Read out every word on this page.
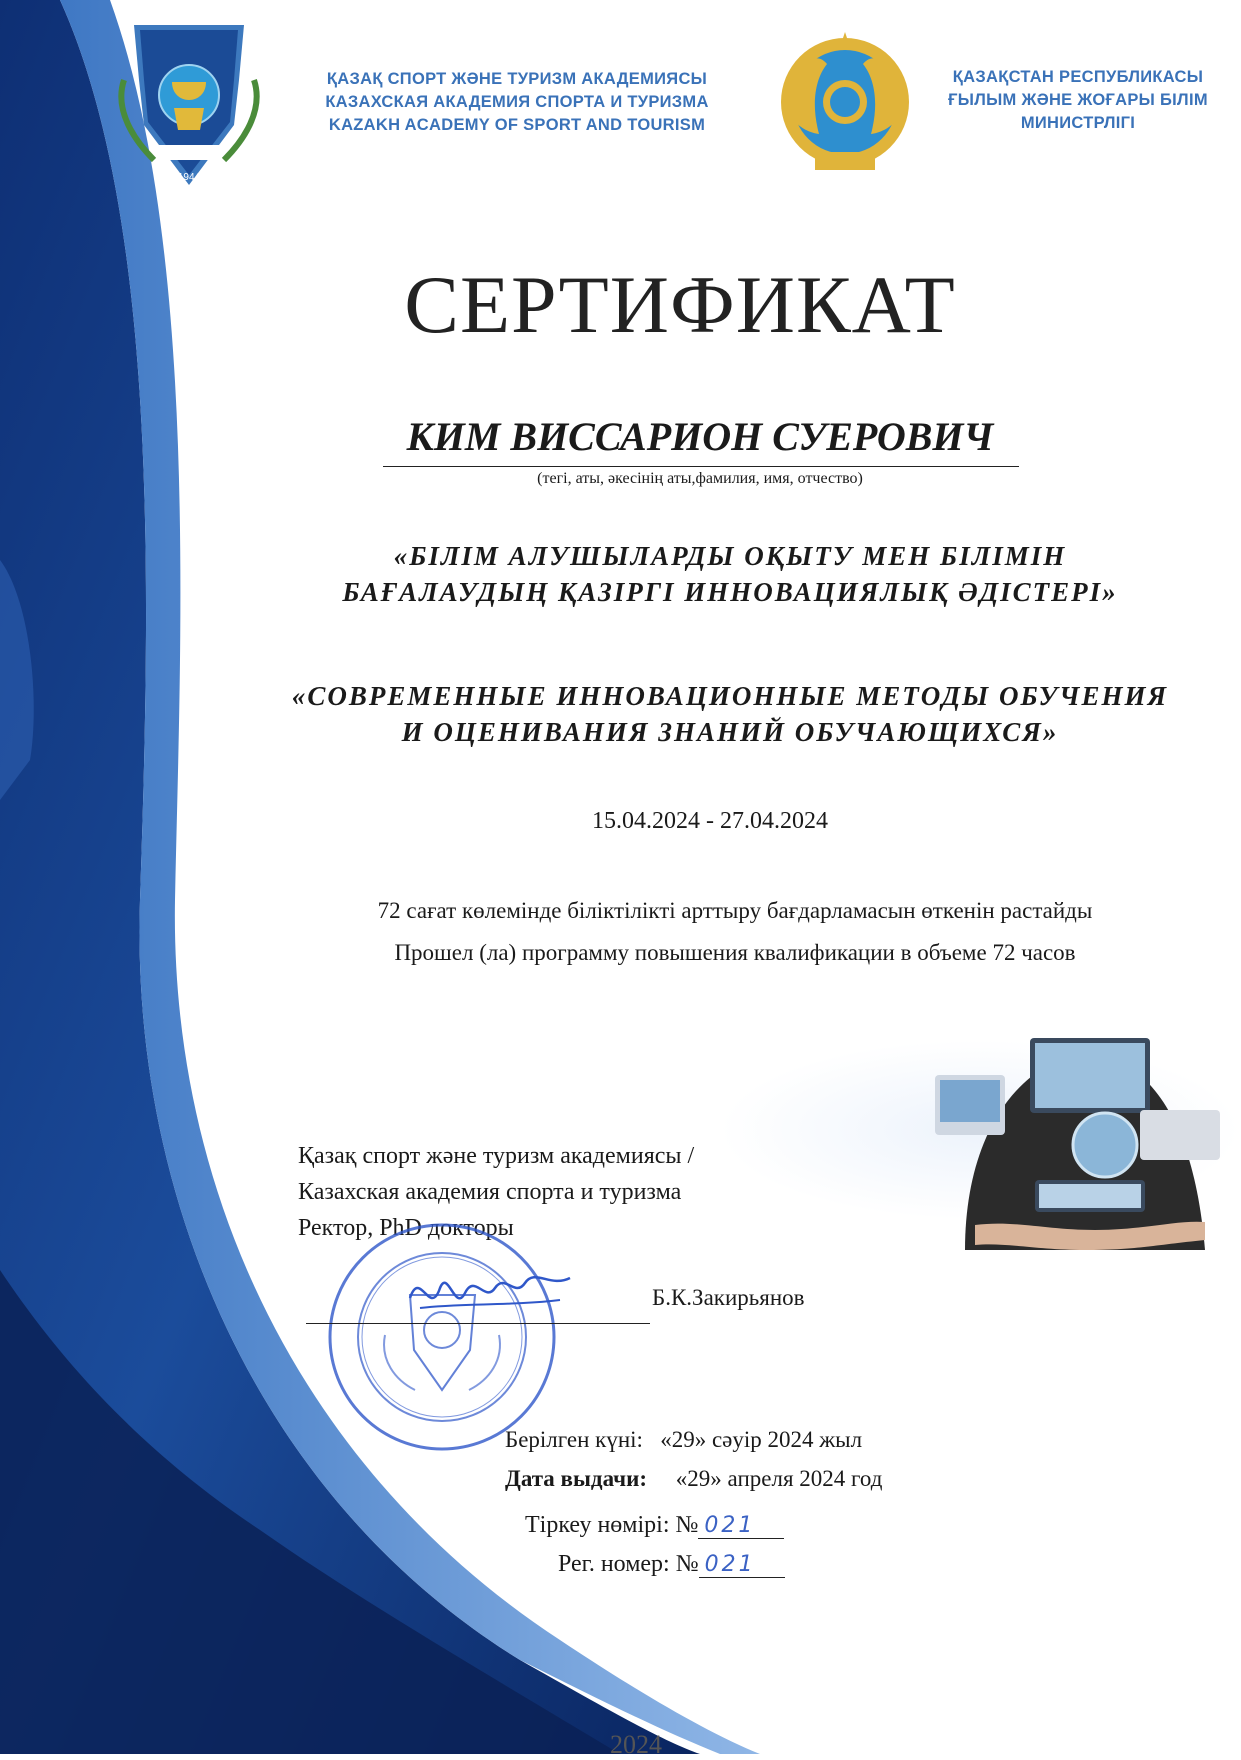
1944
ҚАЗАҚ СПОРТ ЖӘНЕ ТУРИЗМ АКАДЕМИЯСЫ
КАЗАХСКАЯ АКАДЕМИЯ СПОРТА И ТУРИЗМА
KAZAKH ACADEMY OF SPORT AND TOURISM
ҚАЗАҚСТАН РЕСПУБЛИКАСЫ
ҒЫЛЫМ ЖӘНЕ ЖОҒАРЫ БІЛІМ
МИНИСТРЛІГІ
СЕРТИФИКАТ
КИМ ВИССАРИОН СУЕРОВИЧ
(тегі, аты, әкесінің аты,фамилия, имя, отчество)
«БІЛІМ АЛУШЫЛАРДЫ ОҚЫТУ МЕН БІЛІМІН
БАҒАЛАУДЫҢ ҚАЗІРГІ ИННОВАЦИЯЛЫҚ ӘДІСТЕРІ»
«СОВРЕМЕННЫЕ ИННОВАЦИОННЫЕ МЕТОДЫ ОБУЧЕНИЯ
И ОЦЕНИВАНИЯ ЗНАНИЙ ОБУЧАЮЩИХСЯ»
15.04.2024 - 27.04.2024
72 сағат көлемінде біліктілікті арттыру бағдарламасын өткенін растайды
Прошел (ла) программу повышения квалификации в объеме 72 часов
Қазақ спорт және туризм академиясы /
Казахская академия спорта и туризма
Ректор, PhD докторы
Б.К.Закирьянов
Берілген күні: «29» сәуір 2024 жыл
Дата выдачи: «29» апреля 2024 год
Тіркеу нөмірі: № 021
Рег. номер: № 021
2024
